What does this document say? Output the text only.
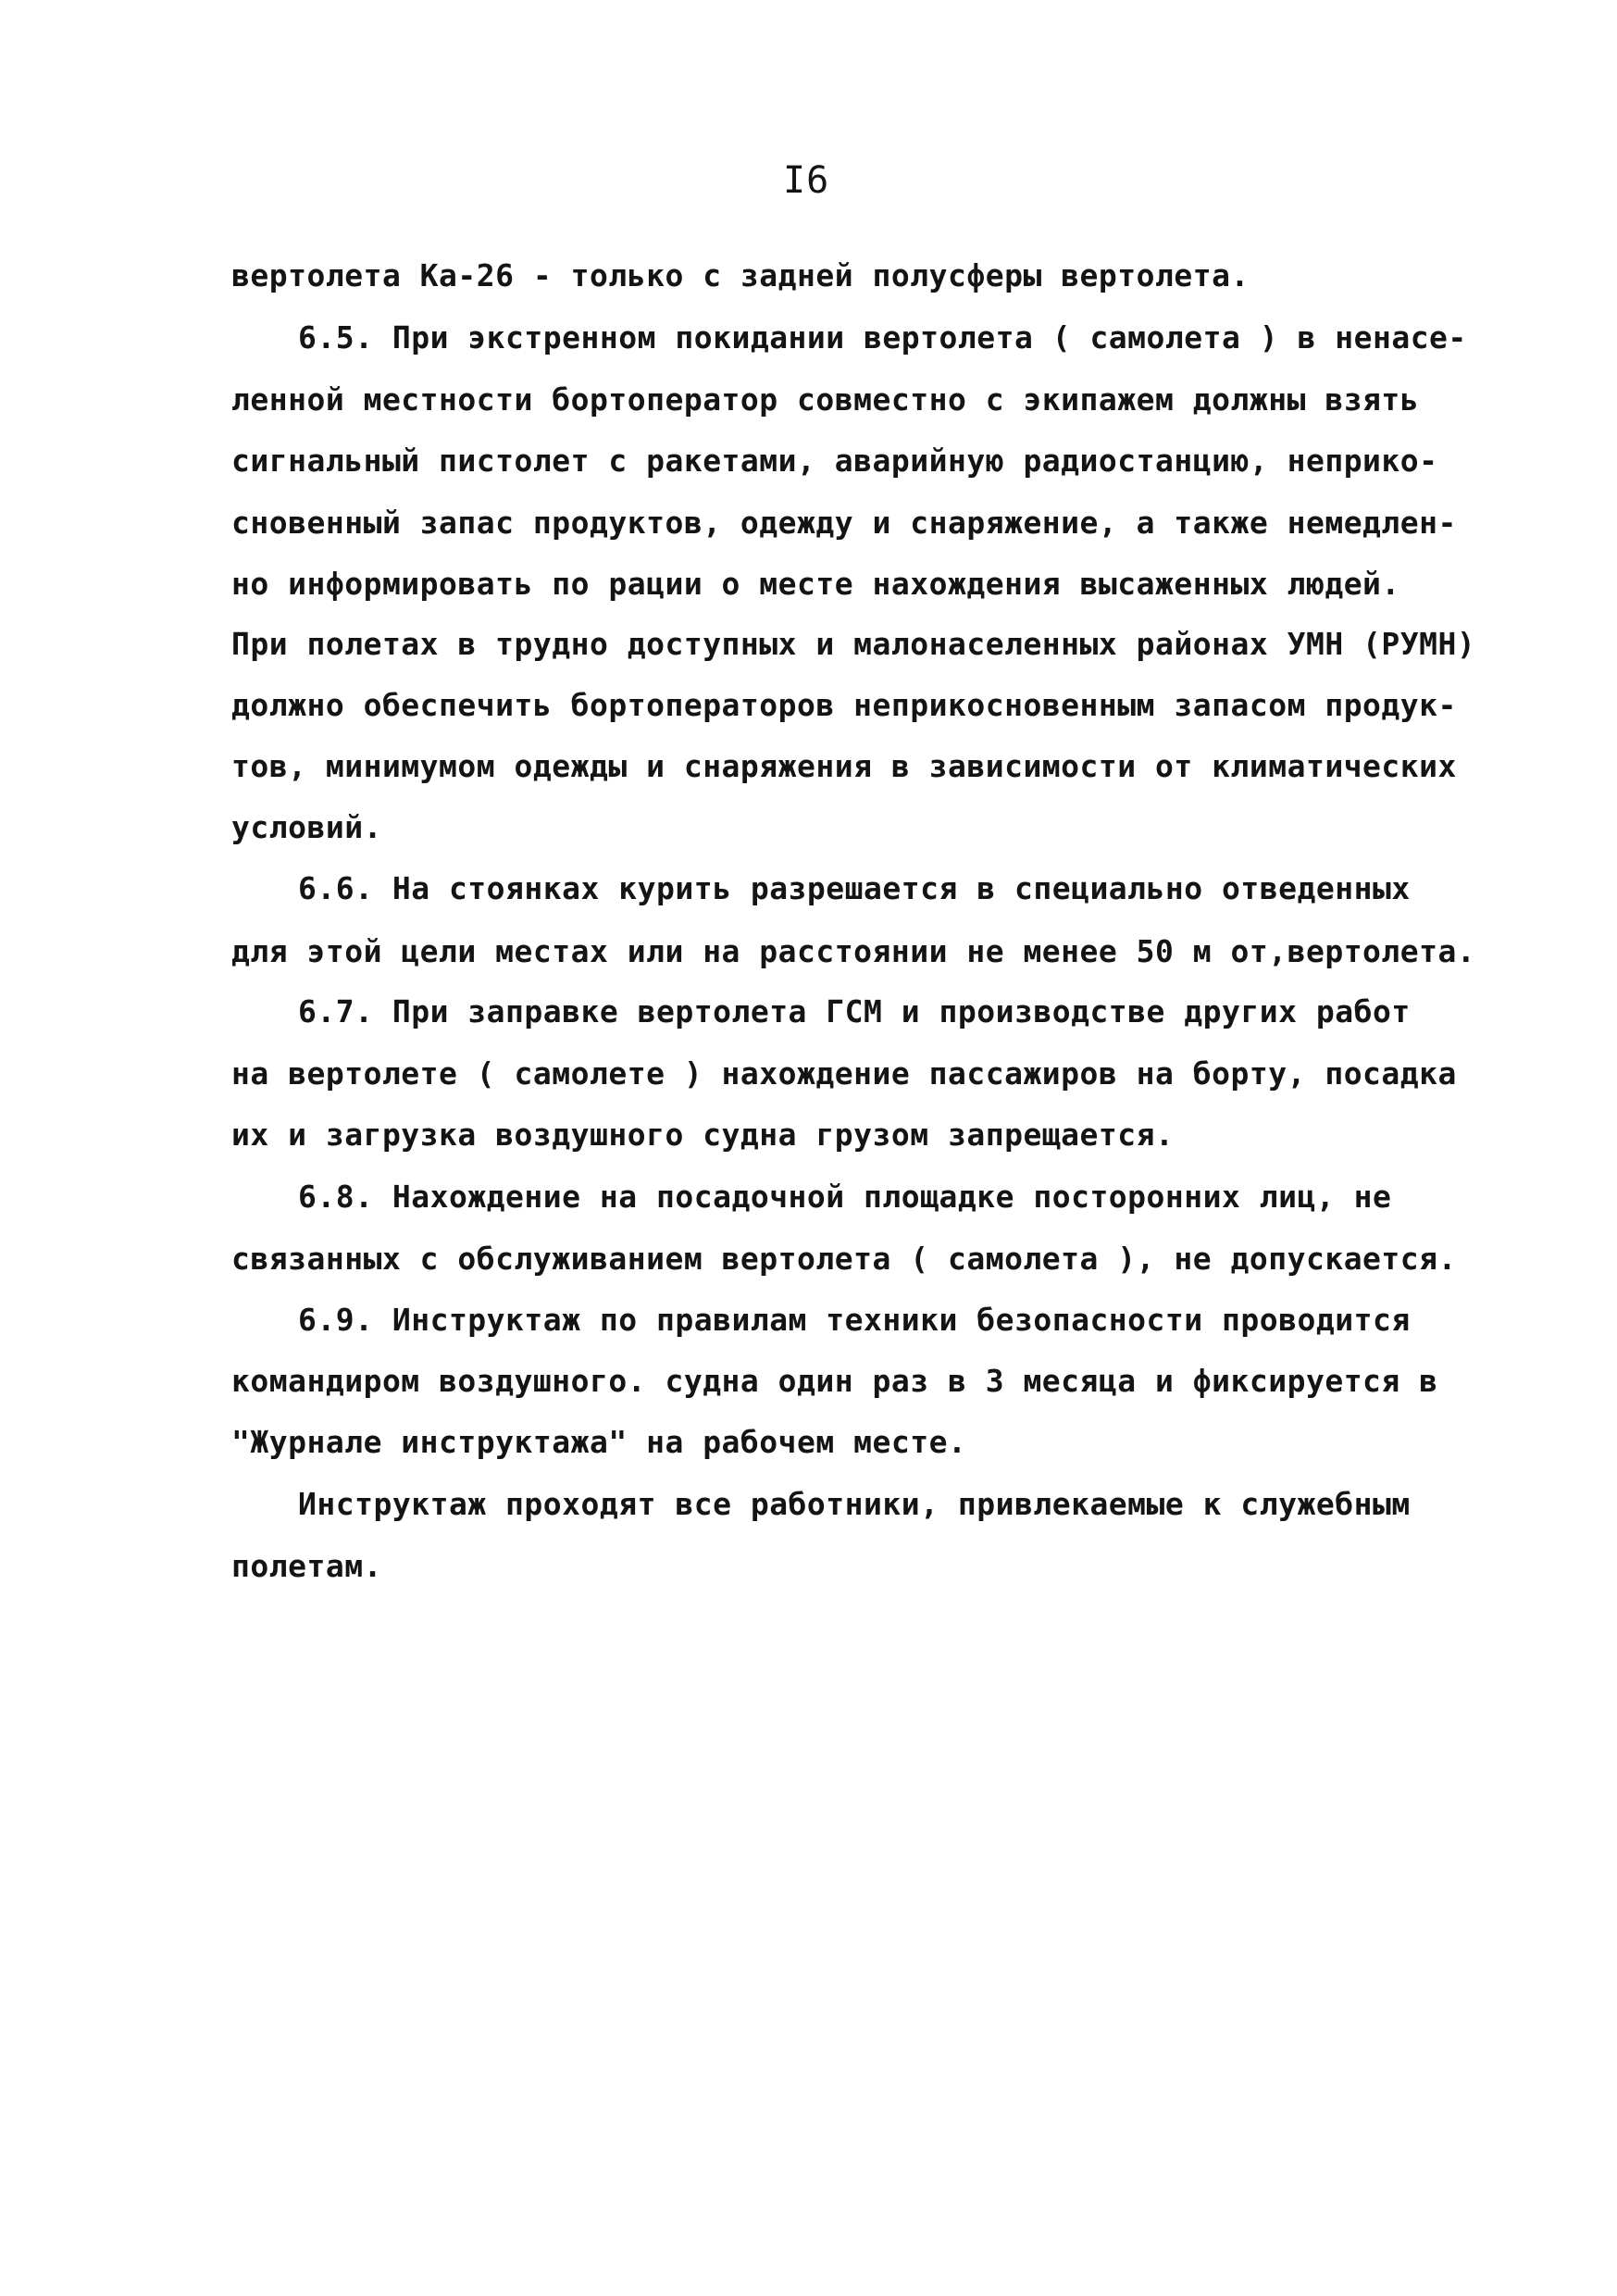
I6
вертолета Ка-26 - только с задней полусферы вертолета.
6.5. При экстренном покидании вертолета ( самолета ) в ненасе-
ленной местности бортоператор совместно с экипажем должны взять
сигнальный пистолет с ракетами, аварийную радиостанцию, неприко-
сновенный запас продуктов, одежду и снаряжение, а также немедлен-
но информировать по рации о месте нахождения высаженных людей.
При полетах в трудно доступных и малонаселенных районах УМН (РУМН)
должно обеспечить бортоператоров неприкосновенным запасом продук-
тов, минимумом одежды и снаряжения в зависимости от климатических
условий.
6.6. На стоянках курить разрешается в специально отведенных
для этой цели местах или на расстоянии не менее 50 м от,вертолета.
6.7. При заправке вертолета ГСМ и производстве других работ
на вертолете ( самолете ) нахождение пассажиров на борту, посадка
их и загрузка воздушного судна грузом запрещается.
6.8. Нахождение на посадочной площадке посторонних лиц, не
связанных с обслуживанием вертолета ( самолета ), не допускается.
6.9. Инструктаж по правилам техники безопасности проводится
командиром воздушного. судна один раз в 3 месяца и фиксируется в
"Журнале инструктажа" на рабочем месте.
Инструктаж проходят все работники, привлекаемые к служебным
полетам.
